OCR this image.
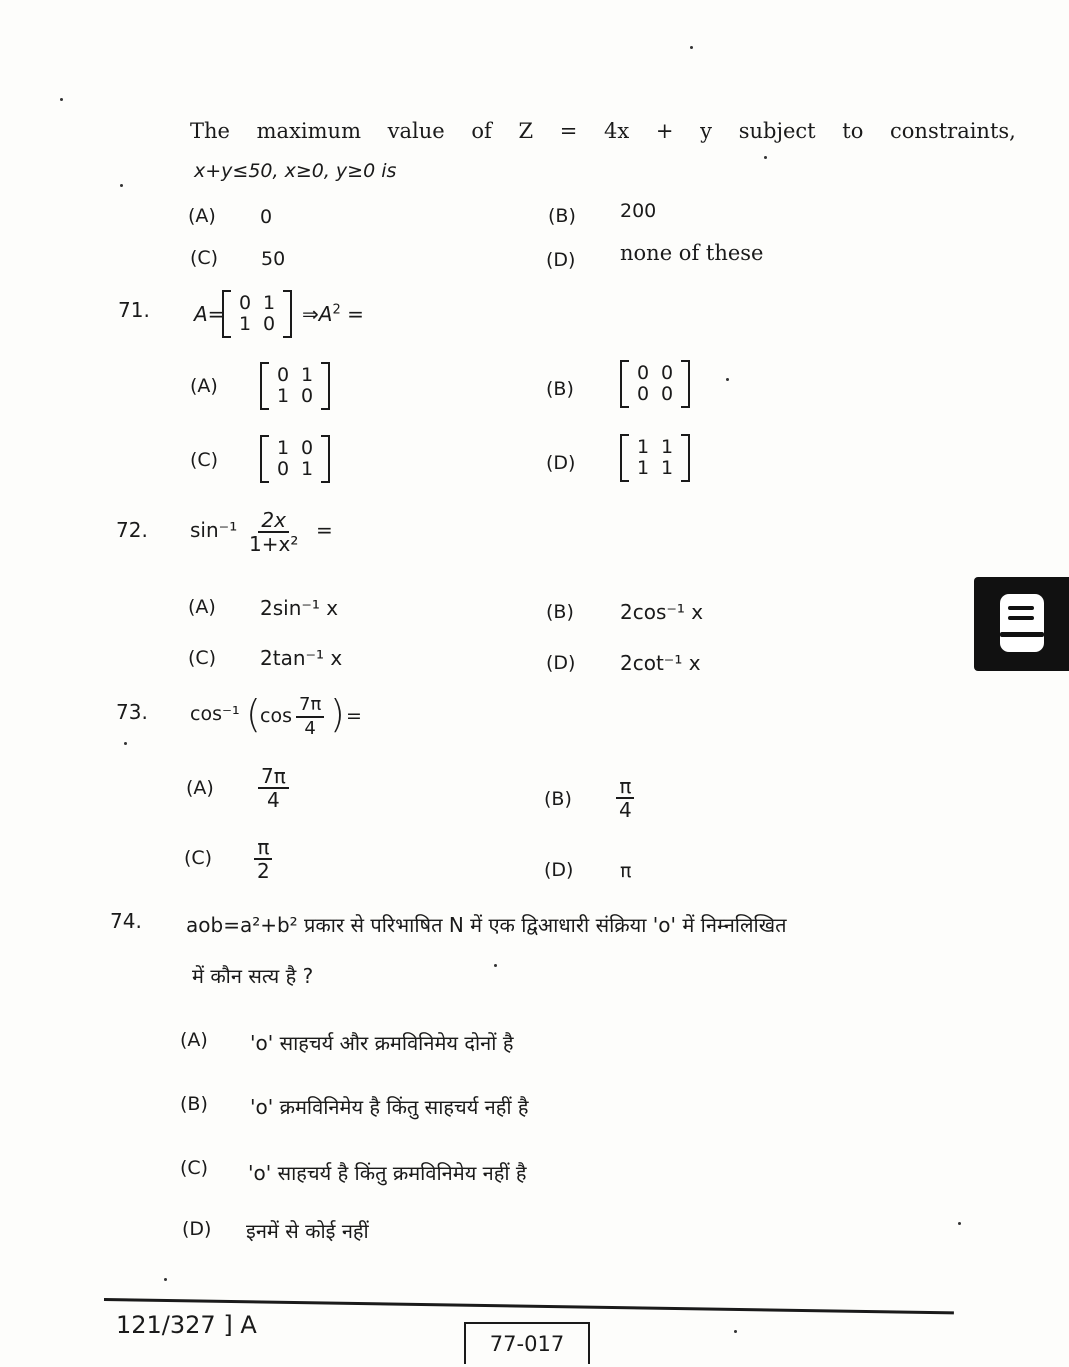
The maximum value of Z = 4x + y subject to constraints,
x+y≤50, x≥0, y≥0 is
(A) 0	(B) 200
(C) 50	(D) none of these
71. A= 0 1
1 0 $\Rightarrow A^2$ =
(A)	0 1
1 0	(B)
0 0
0 0
(C)
1 0
0 1	(D)
1 1
1 1
72. $\sin^{-1} \frac{2x}{\text{1+x²}}$ =
(A) 2sin⁻¹ x	(B) 2cos⁻¹ x
(C) 2tan⁻¹ x	(D) 2cot⁻¹ x
73. cos⁻¹ ( $\cos \frac{7\pi}{4}$ ) =
$(A) \frac{7\pi}{4}$	$(B) \frac{\pi}{4}$
$(C) \frac{\pi}{2}$	(D) π
74. aob=a²+b² प्रकार से परिभाषित N में एक द्विआधारी संक्रिया 'o' में निम्नलिखित
में कौन सत्य है ?
(A) 'o' साहचर्य और क्रमविनिमेय दोनों है
(B) 'o' क्रमविनिमेय है किंतु साहचर्य नहीं है
(C) 'o' साहचर्य है किंतु क्रमविनिमेय नहीं है
(D) इनमें से कोई नहीं
121/327 ] A
77-017
